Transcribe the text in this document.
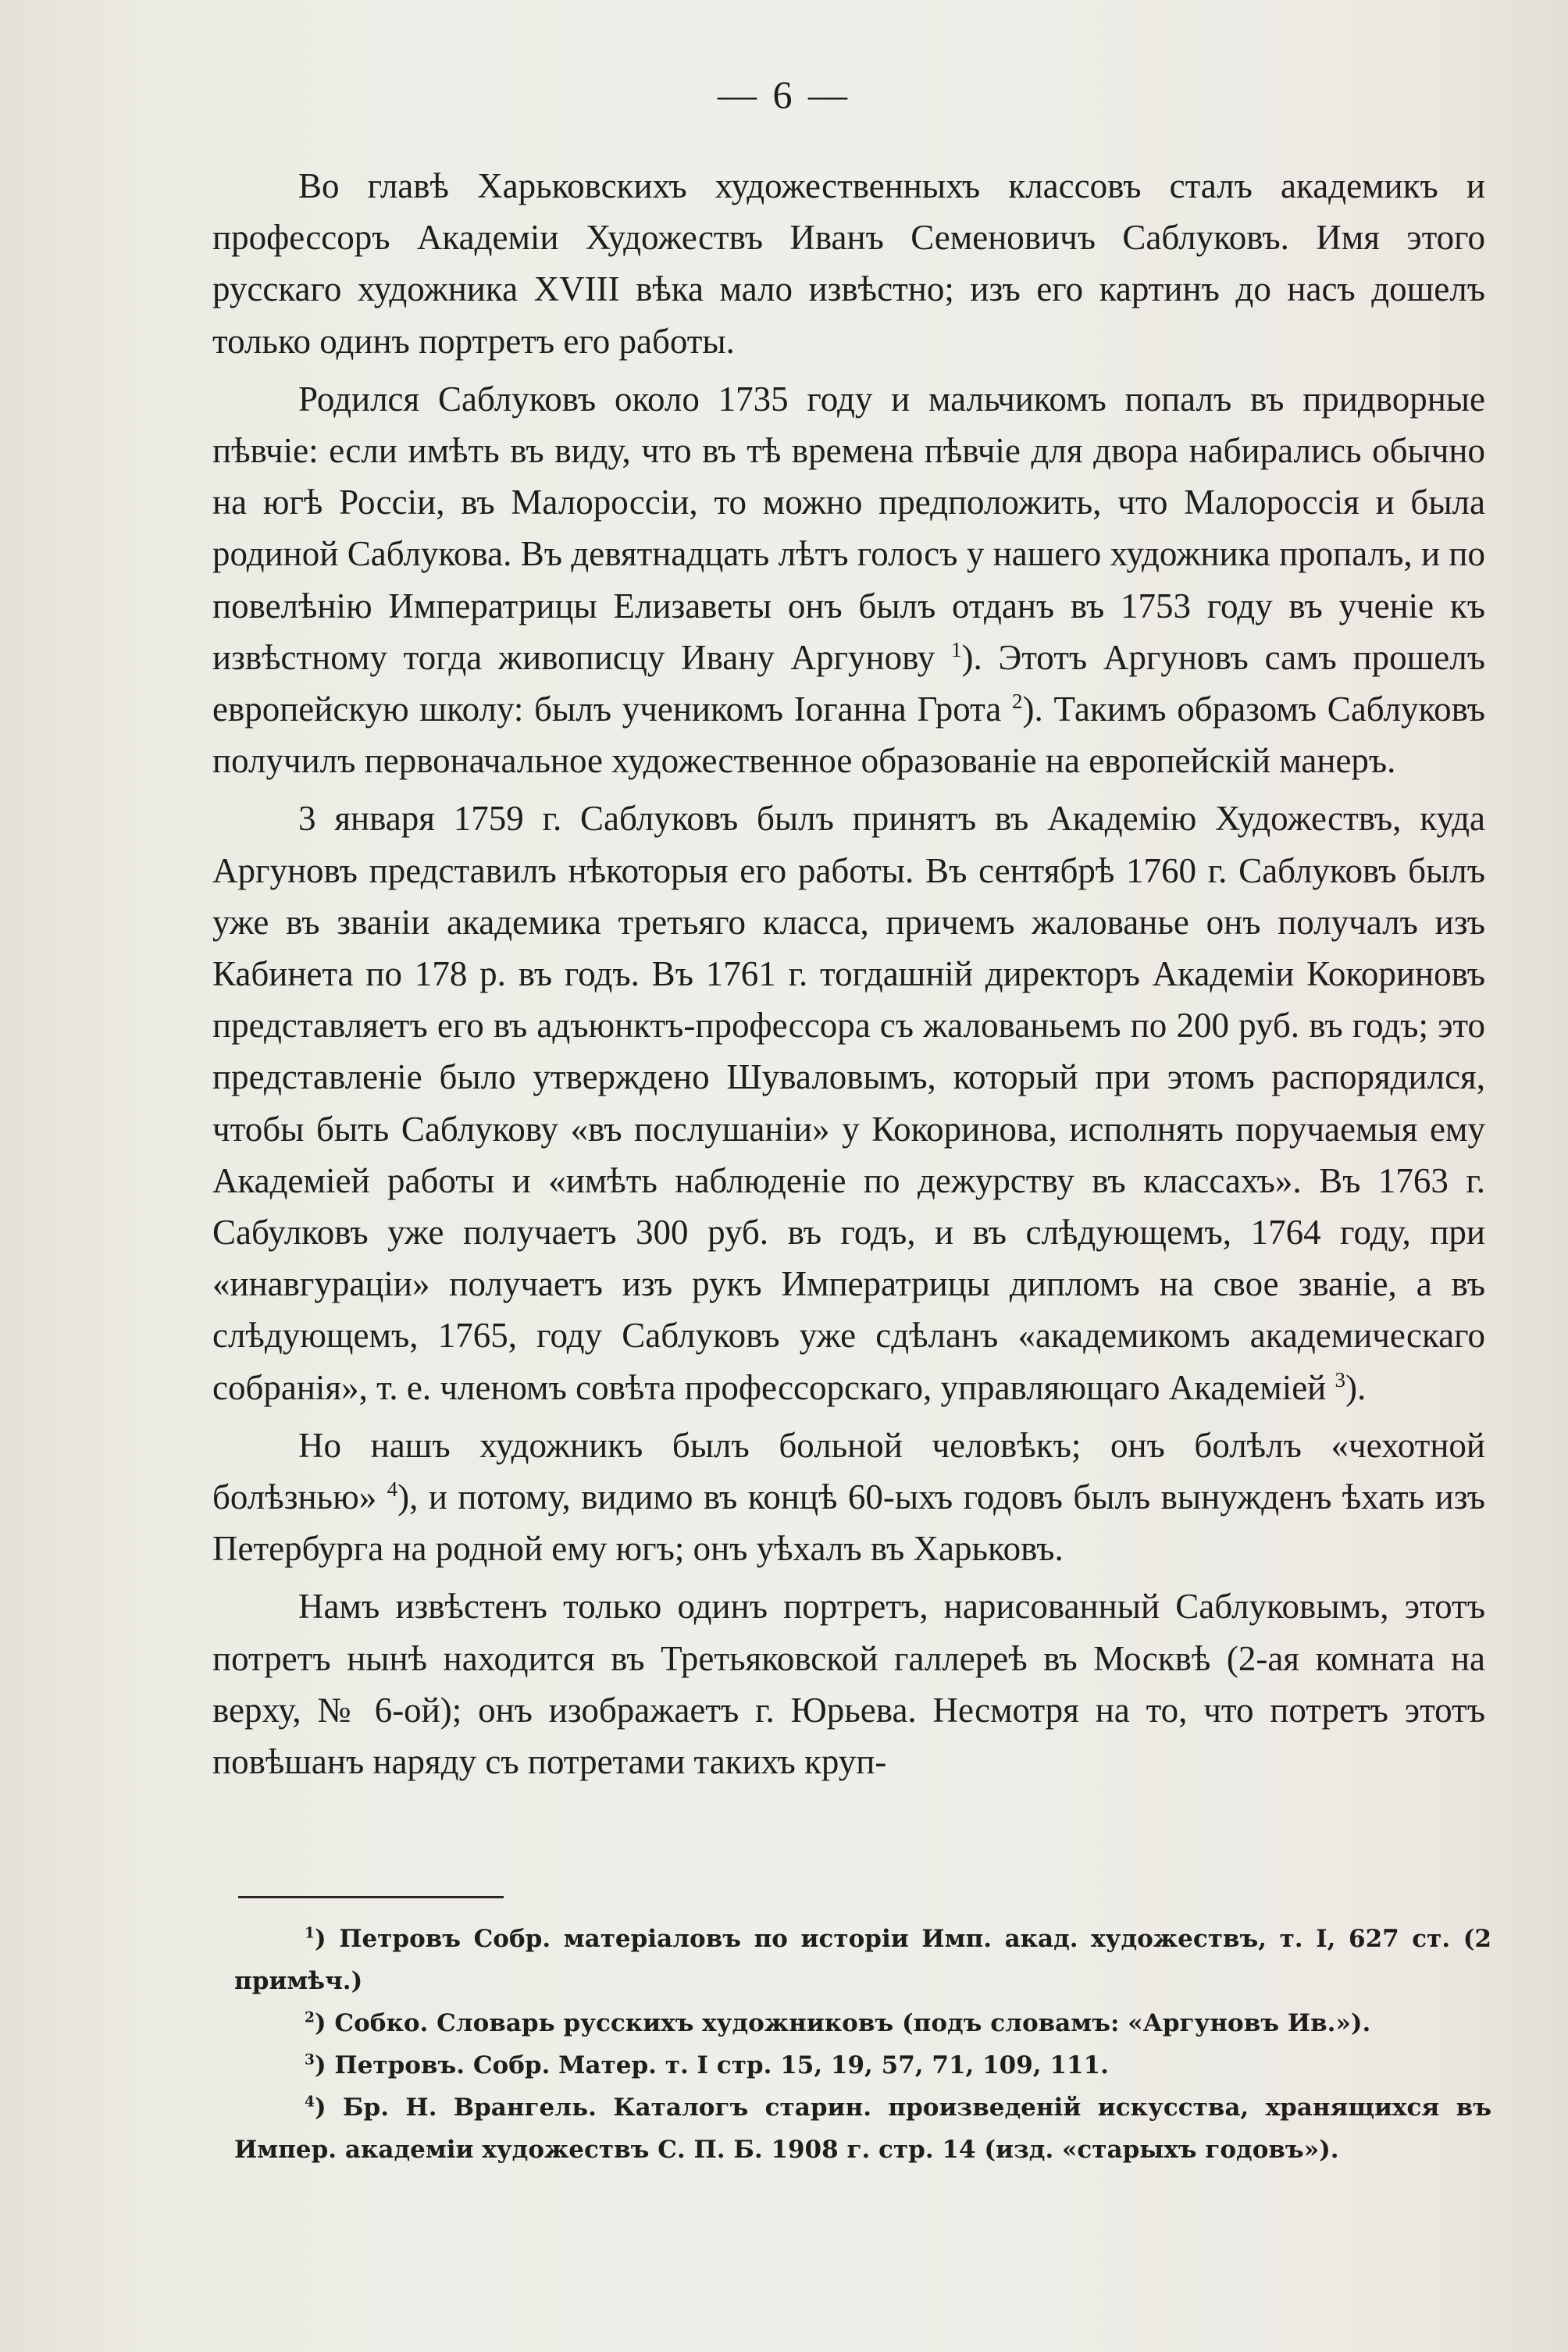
— 6 —

Во главѣ Харьковскихъ художественныхъ классовъ сталъ академикъ и профессоръ Академіи Художествъ Иванъ Семеновичъ Саблуковъ. Имя этого русскаго художника XVIII вѣка мало извѣстно; изъ его картинъ до насъ дошелъ только одинъ портретъ его работы.

Родился Саблуковъ около 1735 году и мальчикомъ попалъ въ придворные пѣвчіе: если имѣть въ виду, что въ тѣ времена пѣвчіе для двора набирались обычно на югѣ Россіи, въ Малороссіи, то можно предположить, что Малороссія и была родиной Саблукова. Въ девятнадцать лѣтъ голосъ у нашего художника пропалъ, и по повелѣнію Императрицы Елизаветы онъ былъ отданъ въ 1753 году въ ученіе къ извѣстному тогда живописцу Ивану Аргунову $^1$). Этотъ Аргуновъ самъ прошелъ европейскую школу: былъ ученикомъ Іоганна Грота $^2$). Такимъ образомъ Саблуковъ получилъ первоначальное художественное образованіе на европейскій манеръ.

3 января 1759 г. Саблуковъ былъ принятъ въ Академію Художествъ, куда Аргуновъ представилъ нѣкоторыя его работы. Въ сентябрѣ 1760 г. Саблуковъ былъ уже въ званіи академика третьяго класса, причемъ жалованье онъ получалъ изъ Кабинета по 178 р. въ годъ. Въ 1761 г. тогдашній директоръ Академіи Кокориновъ представляетъ его въ адъюнктъ-профессора съ жалованьемъ по 200 руб. въ годъ; это представленіе было утверждено Шуваловымъ, который при этомъ распорядился, чтобы быть Саблукову «въ послушаніи» у Кокоринова, исполнять поручаемыя ему Академіей работы и «имѣть наблюденіе по дежурству въ классахъ». Въ 1763 г. Сабулковъ уже получаетъ 300 руб. въ годъ, и въ слѣдующемъ, 1764 году, при «инавгураціи» получаетъ изъ рукъ Императрицы дипломъ на свое званіе, а въ слѣдующемъ, 1765, году Саблуковъ уже сдѣланъ «академикомъ академическаго собранія», т. е. членомъ совѣта профессорскаго, управляющаго Академіей $^3$).

Но нашъ художникъ былъ больной человѣкъ; онъ болѣлъ «чехотной болѣзнью» $^4$), и потому, видимо въ концѣ 60-ыхъ годовъ былъ вынужденъ ѣхать изъ Петербурга на родной ему югъ; онъ уѣхалъ въ Харьковъ.

Намъ извѣстенъ только одинъ портретъ, нарисованный Саблуковымъ, этотъ потретъ нынѣ находится въ Третьяковской галлереѣ въ Москвѣ (2-ая комната на верху, № 6-ой); онъ изображаетъ г. Юрьева. Несмотря на то, что потретъ этотъ повѣшанъ наряду съ потретами такихъ круп-

$^1$) Петровъ Собр. матеріаловъ по исторіи Имп. акад. художествъ, т. I, 627 ст. (2 примѣч.)

$^2$) Собко. Словарь русскихъ художниковъ (подъ словамъ: «Аргуновъ Ив.»).

$^3$) Петровъ. Собр. Матер. т. I стр. 15, 19, 57, 71, 109, 111.

$^4$) Бр. Н. Врангель. Каталогъ старин. произведеній искусства, хранящихся въ Импер. академіи художествъ С. П. Б. 1908 г. стр. 14 (изд. «старыхъ годовъ»).
